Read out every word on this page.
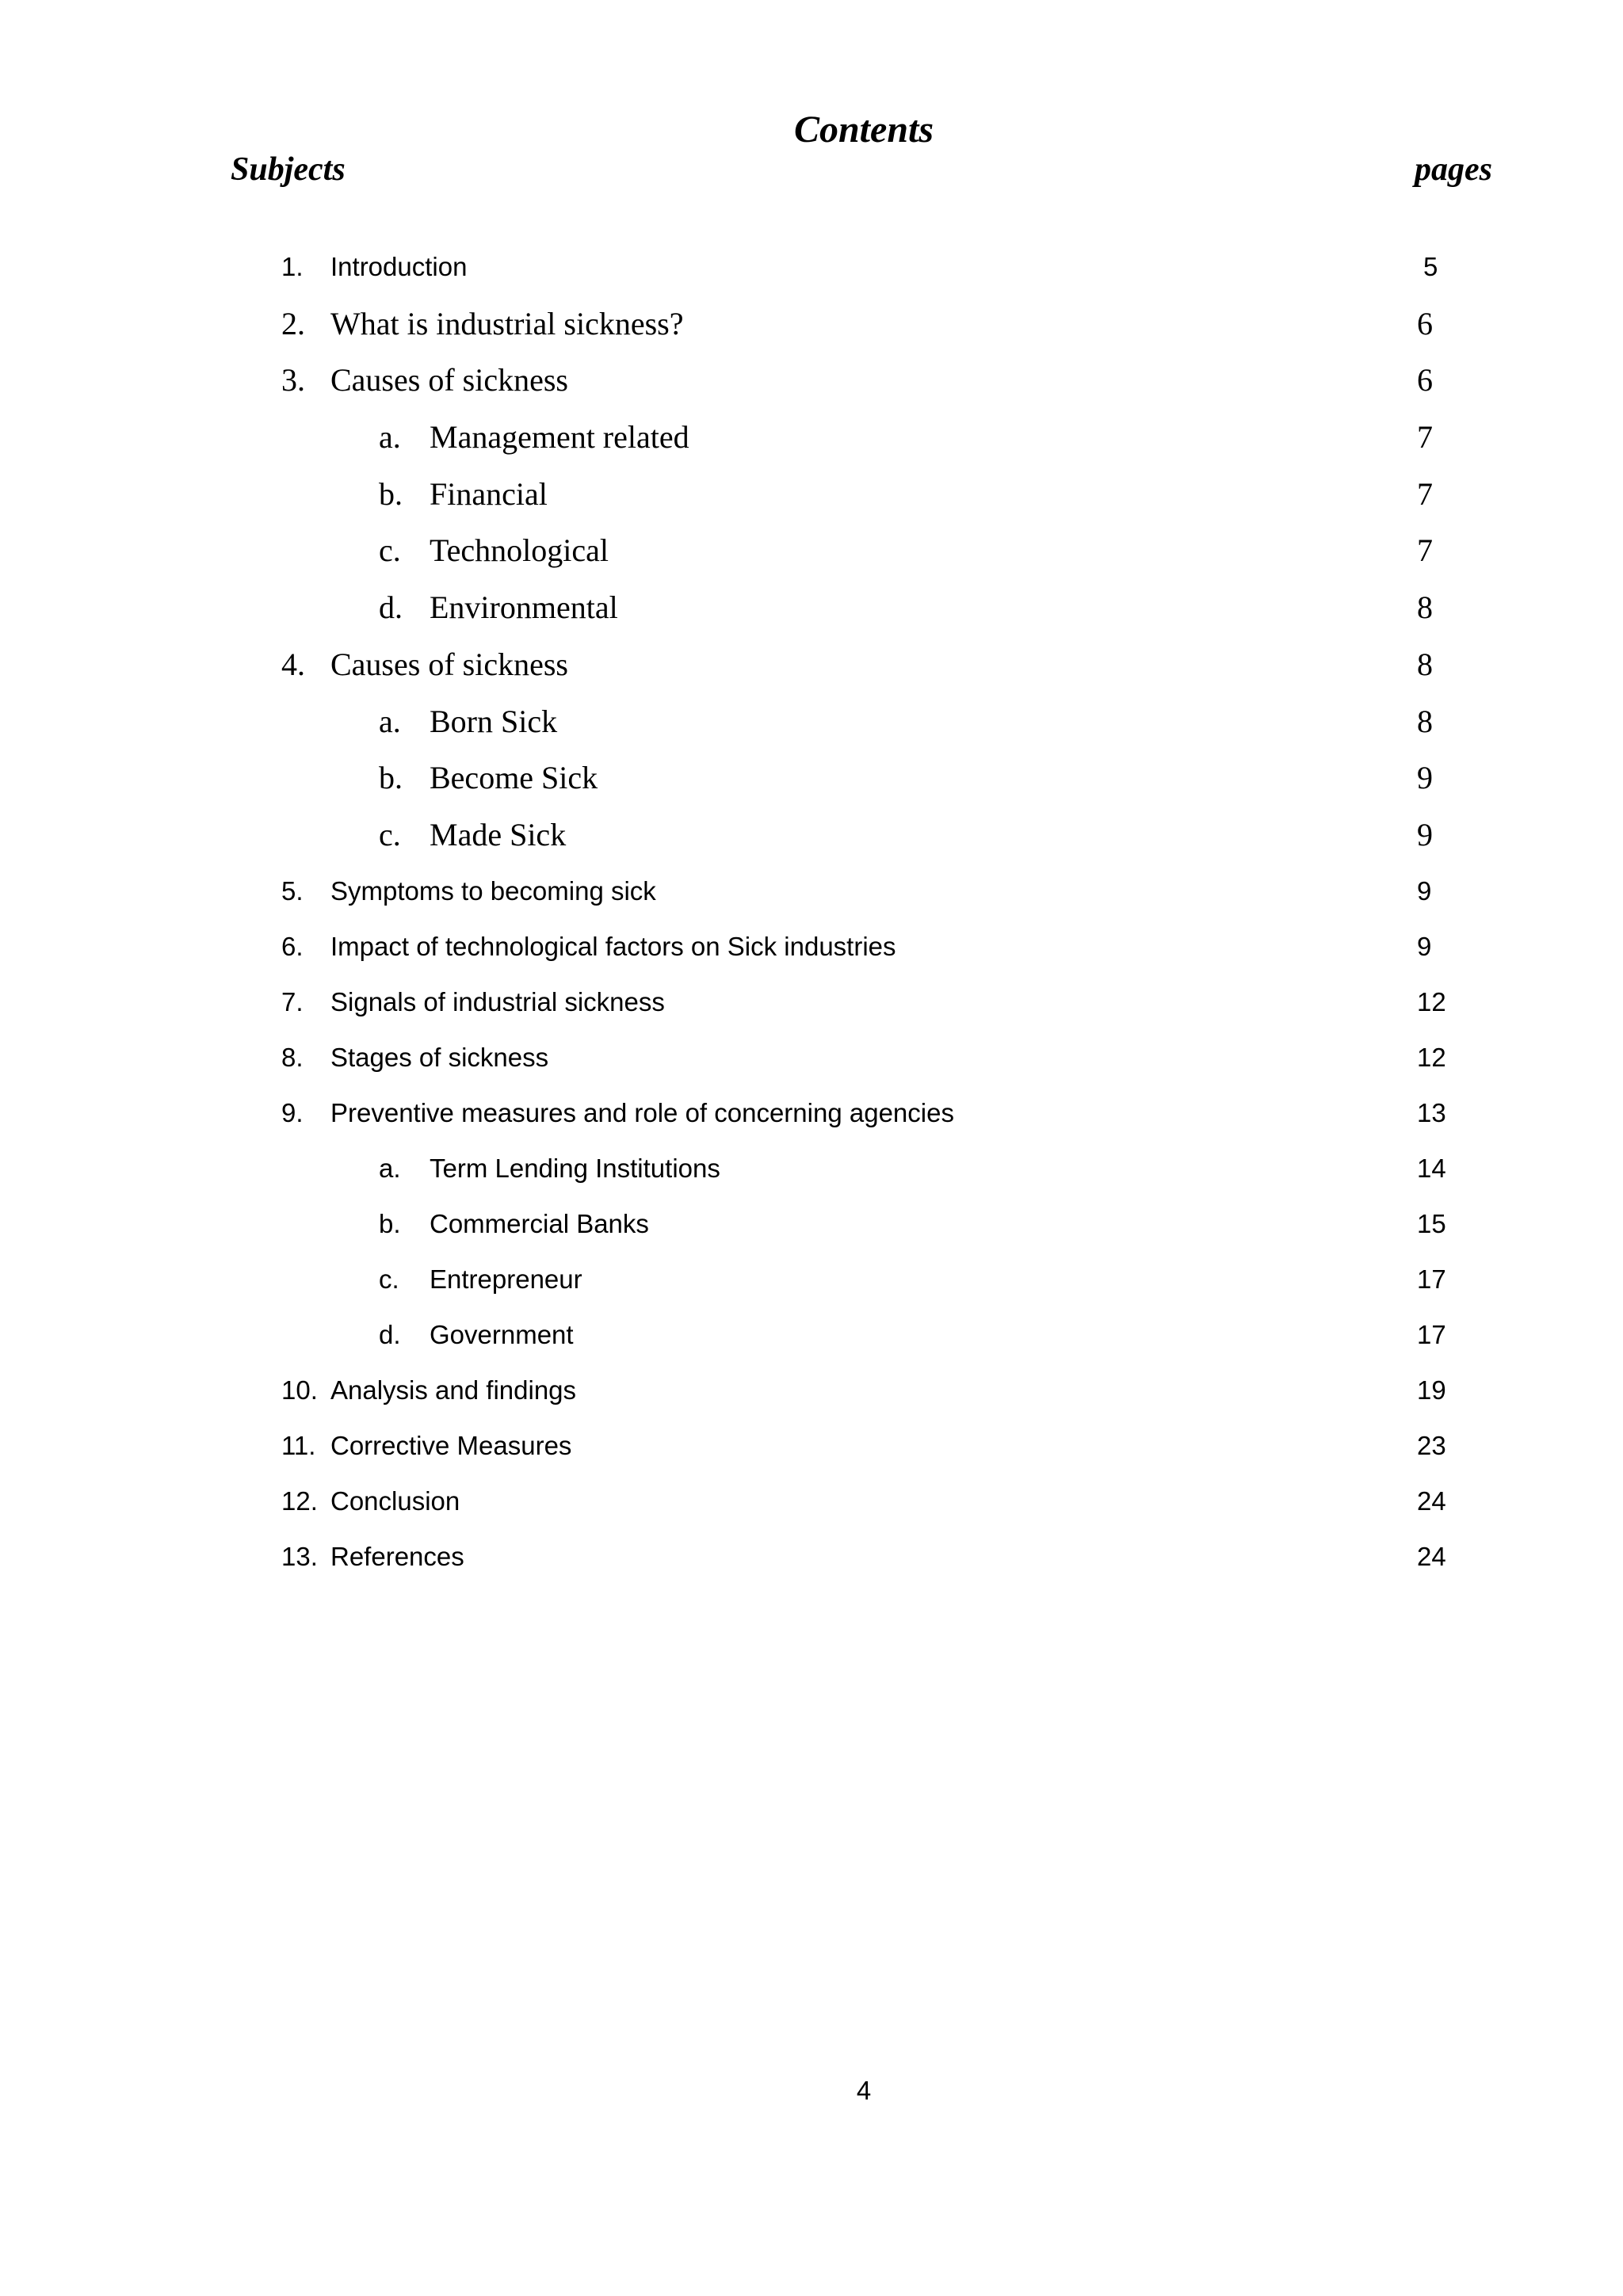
Contents
Subjects	pages
1. Introduction	5
2. What is industrial sickness?	6
3. Causes of sickness	6
a. Management related	7
b. Financial	7
c. Technological	7
d. Environmental	8
4. Causes of sickness	8
a. Born Sick	8
b. Become Sick	9
c. Made Sick	9
5. Symptoms to becoming sick	9
6. Impact of technological factors on Sick industries	9
7. Signals of industrial sickness	12
8. Stages of sickness	12
9. Preventive measures and role of concerning agencies	13
a. Term Lending Institutions	14
b. Commercial Banks	15
c. Entrepreneur	17
d. Government	17
10. Analysis and findings	19
11. Corrective Measures	23
12. Conclusion	24
13. References	24
4
